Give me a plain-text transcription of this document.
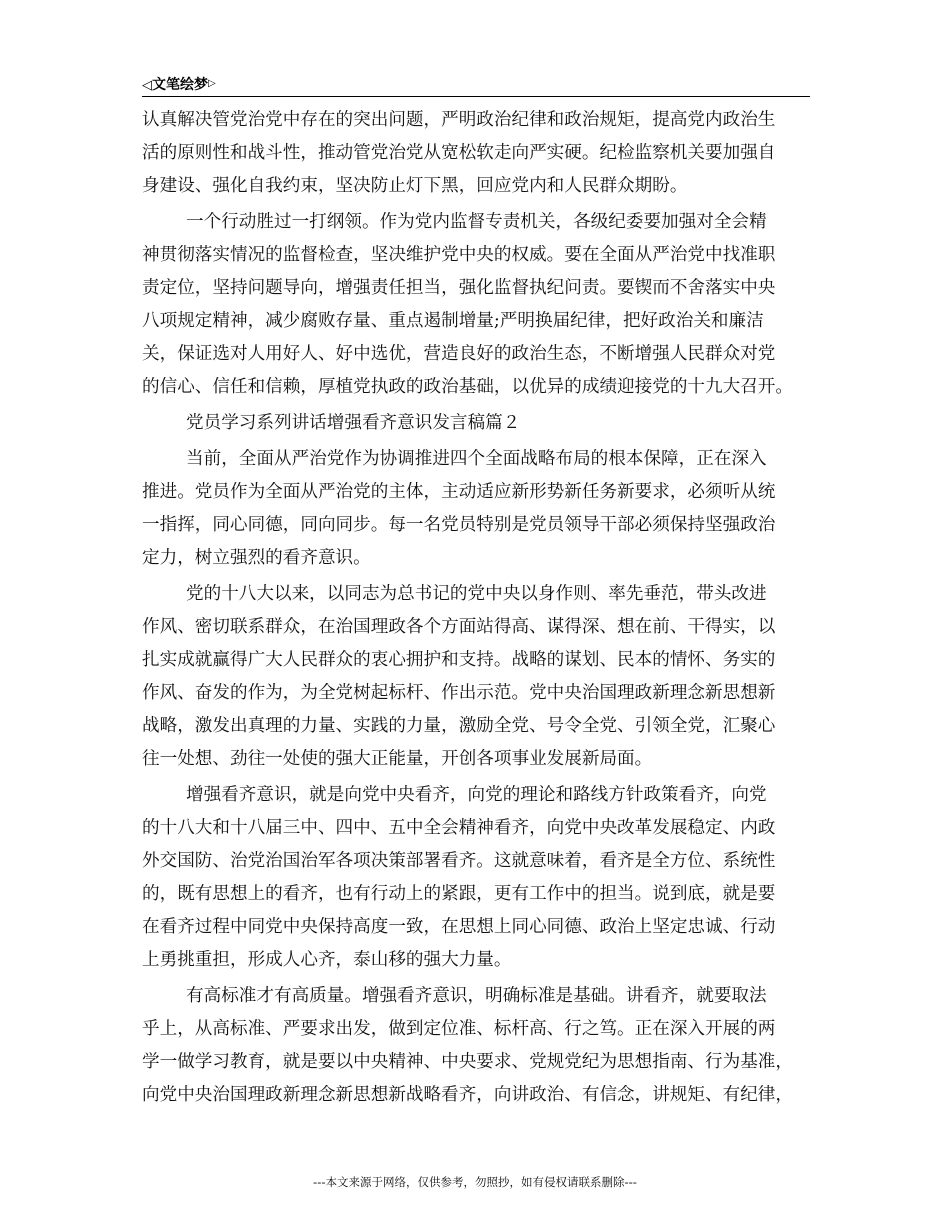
◁文笔绘梦▷
认真解决管党治党中存在的突出问题，严明政治纪律和政治规矩，提高党内政治生
活的原则性和战斗性，推动管党治党从宽松软走向严实硬。纪检监察机关要加强自
身建设、强化自我约束，坚决防止灯下黑，回应党内和人民群众期盼。
一个行动胜过一打纲领。作为党内监督专责机关，各级纪委要加强对全会精
神贯彻落实情况的监督检查，坚决维护党中央的权威。要在全面从严治党中找准职
责定位，坚持问题导向，增强责任担当，强化监督执纪问责。要锲而不舍落实中央
八项规定精神，减少腐败存量、重点遏制增量;严明换届纪律，把好政治关和廉洁
关，保证选对人用好人、好中选优，营造良好的政治生态，不断增强人民群众对党
的信心、信任和信赖，厚植党执政的政治基础，以优异的成绩迎接党的十九大召开。
党员学习系列讲话增强看齐意识发言稿篇２
当前，全面从严治党作为协调推进四个全面战略布局的根本保障，正在深入
推进。党员作为全面从严治党的主体，主动适应新形势新任务新要求，必须听从统
一指挥，同心同德，同向同步。每一名党员特别是党员领导干部必须保持坚强政治
定力，树立强烈的看齐意识。
党的十八大以来，以同志为总书记的党中央以身作则、率先垂范，带头改进
作风、密切联系群众，在治国理政各个方面站得高、谋得深、想在前、干得实，以
扎实成就赢得广大人民群众的衷心拥护和支持。战略的谋划、民本的情怀、务实的
作风、奋发的作为，为全党树起标杆、作出示范。党中央治国理政新理念新思想新
战略，激发出真理的力量、实践的力量，激励全党、号令全党、引领全党，汇聚心
往一处想、劲往一处使的强大正能量，开创各项事业发展新局面。
增强看齐意识，就是向党中央看齐，向党的理论和路线方针政策看齐，向党
的十八大和十八届三中、四中、五中全会精神看齐，向党中央改革发展稳定、内政
外交国防、治党治国治军各项决策部署看齐。这就意味着，看齐是全方位、系统性
的，既有思想上的看齐，也有行动上的紧跟，更有工作中的担当。说到底，就是要
在看齐过程中同党中央保持高度一致，在思想上同心同德、政治上坚定忠诚、行动
上勇挑重担，形成人心齐，泰山移的强大力量。
有高标准才有高质量。增强看齐意识，明确标准是基础。讲看齐，就要取法
乎上，从高标准、严要求出发，做到定位准、标杆高、行之笃。正在深入开展的两
学一做学习教育，就是要以中央精神、中央要求、党规党纪为思想指南、行为基准，
向党中央治国理政新理念新思想新战略看齐，向讲政治、有信念，讲规矩、有纪律，
---本文来源于网络，仅供参考，勿照抄，如有侵权请联系删除---
